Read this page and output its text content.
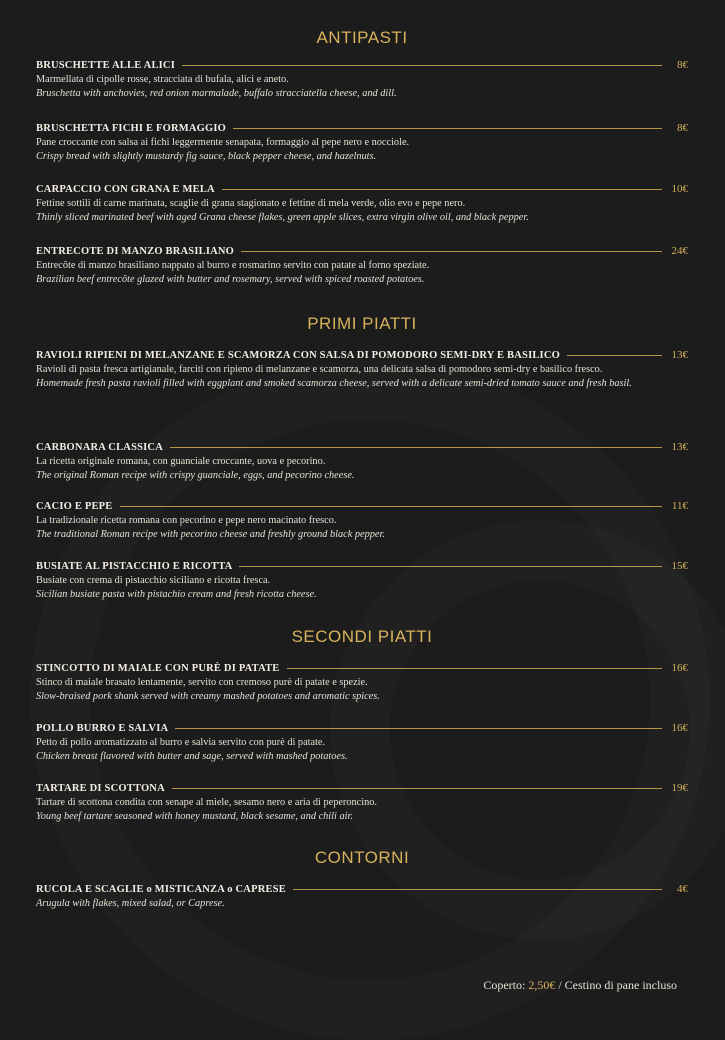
ANTIPASTI
BRUSCHETTE ALLE ALICI	8€
Marmellata di cipolle rosse, stracciata di bufala, alici e aneto.
Bruschetta with anchovies, red onion marmalade, buffalo stracciatella cheese, and dill.
BRUSCHETTA FICHI E FORMAGGIO	8€
Pane croccante con salsa ai fichi leggermente senapata, formaggio al pepe nero e nocciole.
Crispy bread with slightly mustardy fig sauce, black pepper cheese, and hazelnuts.
CARPACCIO CON GRANA E MELA	10€
Fettine sottili di carne marinata, scaglie di grana stagionato e fettine di mela verde, olio evo e pepe nero.
Thinly sliced marinated beef with aged Grana cheese flakes, green apple slices, extra virgin olive oil, and black pepper.
ENTRECOTE DI MANZO BRASILIANO	24€
Entrecôte di manzo brasiliano nappato al burro e rosmarino servito con patate al forno speziate.
Brazilian beef entrecôte glazed with butter and rosemary, served with spiced roasted potatoes.
PRIMI PIATTI
RAVIOLI RIPIENI DI MELANZANE E SCAMORZA CON SALSA DI POMODORO SEMI-DRY E BASILICO	13€
Ravioli di pasta fresca artigianale, farciti con ripieno di melanzane e scamorza, una delicata salsa di pomodoro semi-dry e basilico fresco.
Homemade fresh pasta ravioli filled with eggplant and smoked scamorza cheese, served with a delicate semi-dried tomato sauce and fresh basil.
CARBONARA CLASSICA	13€
La ricetta originale romana, con guanciale croccante, uova e pecorino.
The original Roman recipe with crispy guanciale, eggs, and pecorino cheese.
CACIO E PEPE	11€
La tradizionale ricetta romana con pecorino e pepe nero macinato fresco.
The traditional Roman recipe with pecorino cheese and freshly ground black pepper.
BUSIATE AL PISTACCHIO E RICOTTA	15€
Busiate con crema di pistacchio siciliano e ricotta fresca.
Sicilian busiate pasta with pistachio cream and fresh ricotta cheese.
SECONDI PIATTI
STINCOTTO DI MAIALE CON PURЀ DI PATATE	16€
Stinco di maiale brasato lentamente, servito con cremoso purè di patate e spezie.
Slow-braised pork shank served with creamy mashed potatoes and aromatic spices.
POLLO BURRO E SALVIA	16€
Petto di pollo aromatizzato al burro e salvia servito con purè di patate.
Chicken breast flavored with butter and sage, served with mashed potatoes.
TARTARE DI SCOTTONA	19€
Tartare di scottona condita con senape al miele, sesamo nero e aria di peperoncino.
Young beef tartare seasoned with honey mustard, black sesame, and chili air.
CONTORNI
RUCOLA E SCAGLIE o MISTICANZA o CAPRESE	4€
Arugula with flakes, mixed salad, or Caprese.
Coperto: 2,50€ / Cestino di pane incluso
